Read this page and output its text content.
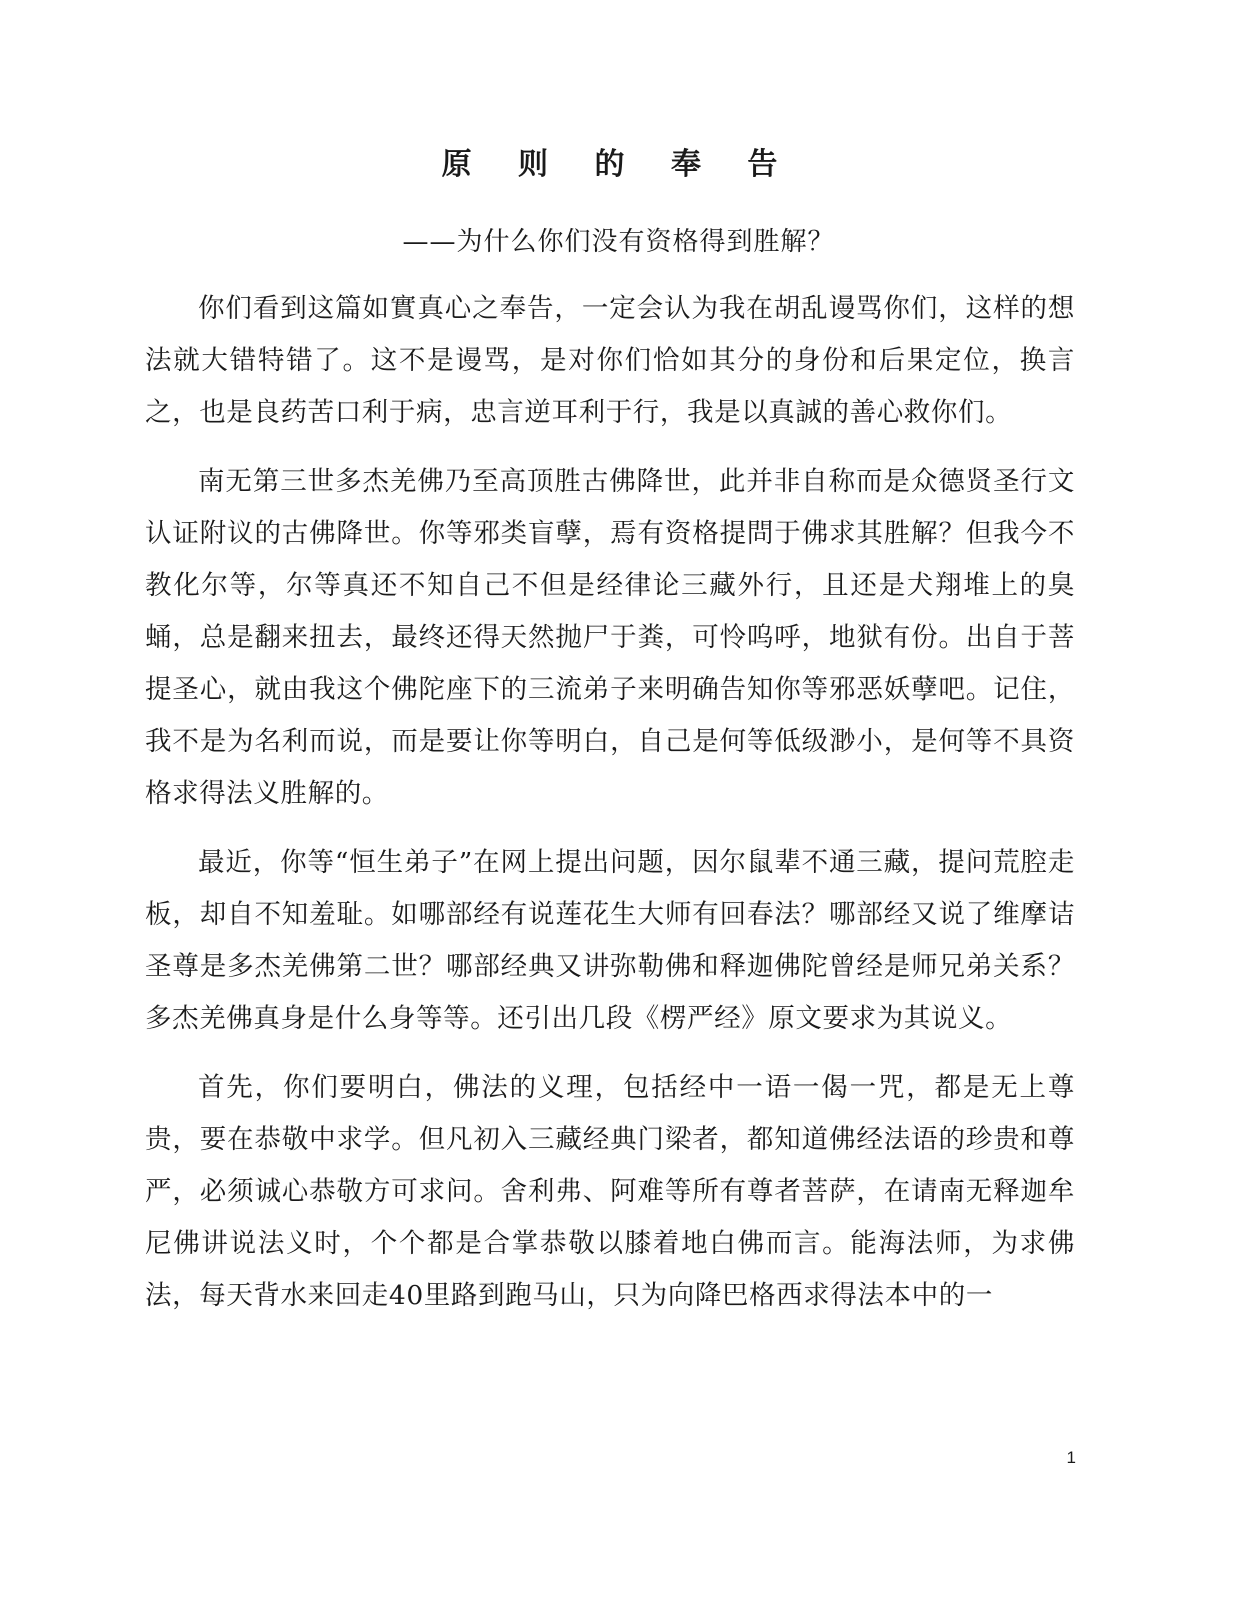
原 则 的 奉 告
——为什么你们没有资格得到胜解？

你们看到这篇如實真心之奉告，一定会认为我在胡乱谩骂你们，这样的想法就大错特错了。这不是谩骂，是对你们恰如其分的身份和后果定位，换言之，也是良药苦口利于病，忠言逆耳利于行，我是以真誠的善心救你们。

南无第三世多杰羌佛乃至高顶胜古佛降世，此并非自称而是众德贤圣行文认证附议的古佛降世。你等邪类盲孽，焉有资格提問于佛求其胜解？但我今不教化尔等，尔等真还不知自己不但是经律论三藏外行，且还是犬翔堆上的臭蛹，总是翻来扭去，最终还得天然抛尸于粪，可怜呜呼，地狱有份。出自于菩提圣心，就由我这个佛陀座下的三流弟子来明确告知你等邪恶妖孽吧。记住，我不是为名利而说，而是要让你等明白，自己是何等低级渺小，是何等不具资格求得法义胜解的。

最近，你等“恒生弟子”在网上提出问题，因尔鼠辈不通三藏，提问荒腔走板，却自不知羞耻。如哪部经有说莲花生大师有回春法？哪部经又说了维摩诘圣尊是多杰羌佛第二世？哪部经典又讲弥勒佛和释迦佛陀曾经是师兄弟关系？多杰羌佛真身是什么身等等。还引出几段《楞严经》原文要求为其说义。

首先，你们要明白，佛法的义理，包括经中一语一偈一咒，都是无上尊贵，要在恭敬中求学。但凡初入三藏经典门梁者，都知道佛经法语的珍贵和尊严，必须诚心恭敬方可求问。舍利弗、阿难等所有尊者菩萨，在请南无释迦牟尼佛讲说法义时，个个都是合掌恭敬以膝着地白佛而言。能海法师，为求佛法，每天背水来回走40里路到跑马山，只为向降巴格西求得法本中的一

1
